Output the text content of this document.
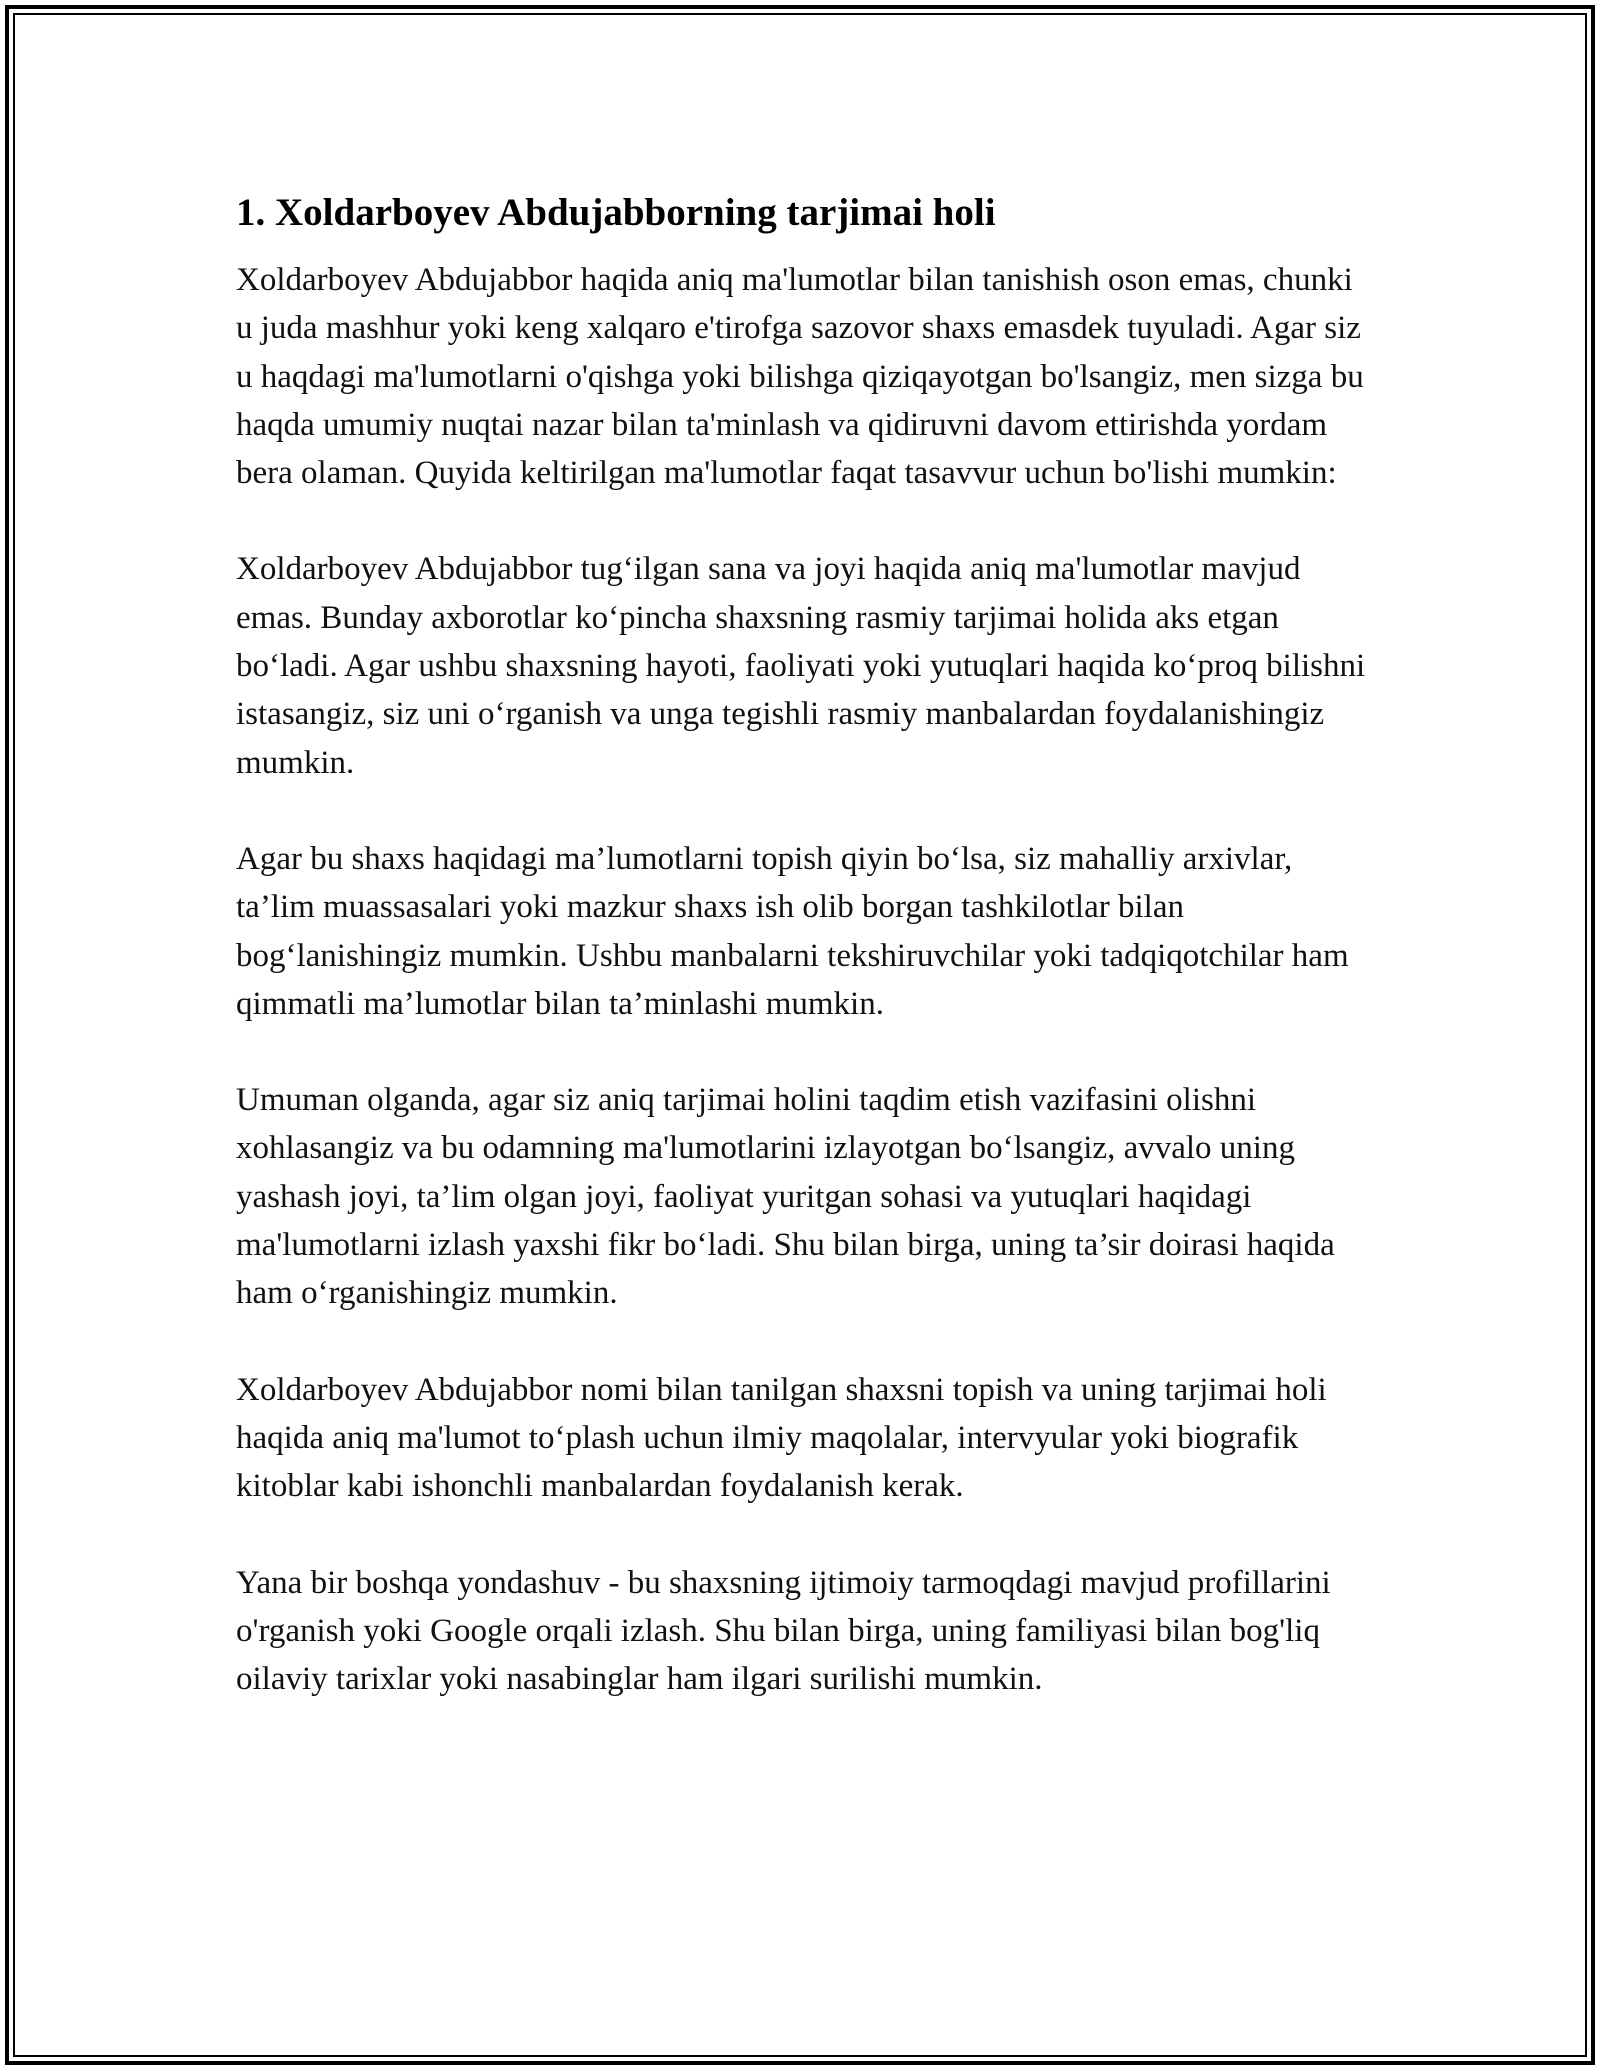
1. Xoldarboyev Abdujabborning tarjimai holi

Xoldarboyev Abdujabbor haqida aniq ma'lumotlar bilan tanishish oson emas, chunki u juda mashhur yoki keng xalqaro e'tirofga sazovor shaxs emasdek tuyuladi. Agar siz u haqdagi ma'lumotlarni o'qishga yoki bilishga qiziqayotgan bo'lsangiz, men sizga bu haqda umumiy nuqtai nazar bilan ta'minlash va qidiruvni davom ettirishda yordam bera olaman. Quyida keltirilgan ma'lumotlar faqat tasavvur uchun bo'lishi mumkin:

Xoldarboyev Abdujabbor tug‘ilgan sana va joyi haqida aniq ma'lumotlar mavjud emas. Bunday axborotlar ko‘pincha shaxsning rasmiy tarjimai holida aks etgan bo‘ladi. Agar ushbu shaxsning hayoti, faoliyati yoki yutuqlari haqida ko‘proq bilishni istasangiz, siz uni o‘rganish va unga tegishli rasmiy manbalardan foydalanishingiz mumkin.

Agar bu shaxs haqidagi ma’lumotlarni topish qiyin bo‘lsa, siz mahalliy arxivlar, ta’lim muassasalari yoki mazkur shaxs ish olib borgan tashkilotlar bilan bog‘lanishingiz mumkin. Ushbu manbalarni tekshiruvchilar yoki tadqiqotchilar ham qimmatli ma’lumotlar bilan ta’minlashi mumkin.

Umuman olganda, agar siz aniq tarjimai holini taqdim etish vazifasini olishni xohlasangiz va bu odamning ma'lumotlarini izlayotgan bo‘lsangiz, avvalo uning yashash joyi, ta’lim olgan joyi, faoliyat yuritgan sohasi va yutuqlari haqidagi ma'lumotlarni izlash yaxshi fikr bo‘ladi. Shu bilan birga, uning ta’sir doirasi haqida ham o‘rganishingiz mumkin.

Xoldarboyev Abdujabbor nomi bilan tanilgan shaxsni topish va uning tarjimai holi haqida aniq ma'lumot to‘plash uchun ilmiy maqolalar, intervyular yoki biografik kitoblar kabi ishonchli manbalardan foydalanish kerak.

Yana bir boshqa yondashuv - bu shaxsning ijtimoiy tarmoqdagi mavjud profillarini o'rganish yoki Google orqali izlash. Shu bilan birga, uning familiyasi bilan bog'liq oilaviy tarixlar yoki nasabinglar ham ilgari surilishi mumkin.
